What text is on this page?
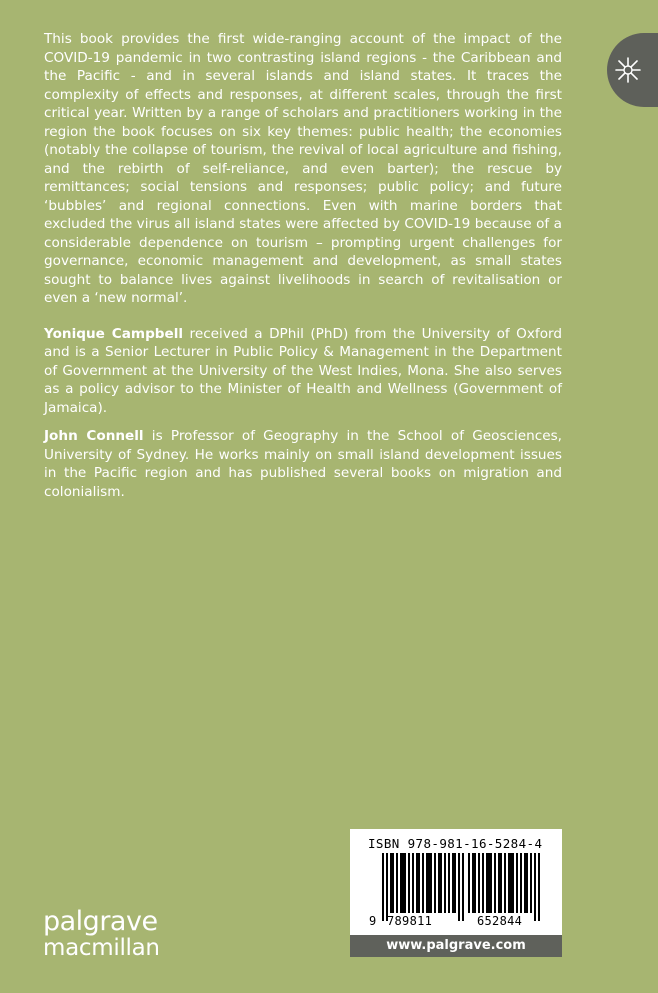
This book provides the first wide-ranging account of the impact of the COVID-19 pandemic in two contrasting island regions - the Caribbean and the Pacific - and in several islands and island states. It traces the complexity of effects and responses, at different scales, through the first critical year. Written by a range of scholars and practitioners working in the region the book focuses on six key themes: public health; the economies (notably the collapse of tourism, the revival of local agriculture and fishing, and the rebirth of self-reliance, and even barter); the rescue by remittances; social tensions and responses; public policy; and future ‘bubbles’ and regional connections. Even with marine borders that excluded the virus all island states were affected by COVID-19 because of a considerable dependence on tourism – prompting urgent challenges for governance, economic management and development, as small states sought to balance lives against livelihoods in search of revitalisation or even a ‘new normal’.

Yonique Campbell received a DPhil (PhD) from the University of Oxford and is a Senior Lecturer in Public Policy & Management in the Department of Government at the University of the West Indies, Mona. She also serves as a policy advisor to the Minister of Health and Wellness (Government of Jamaica).

John Connell is Professor of Geography in the School of Geosciences, University of Sydney. He works mainly on small island development issues in the Pacific region and has published several books on migration and colonialism.

palgrave
macmillan
ISBN 978-981-16-5284-4
9 789811	652844
www.palgrave.com
